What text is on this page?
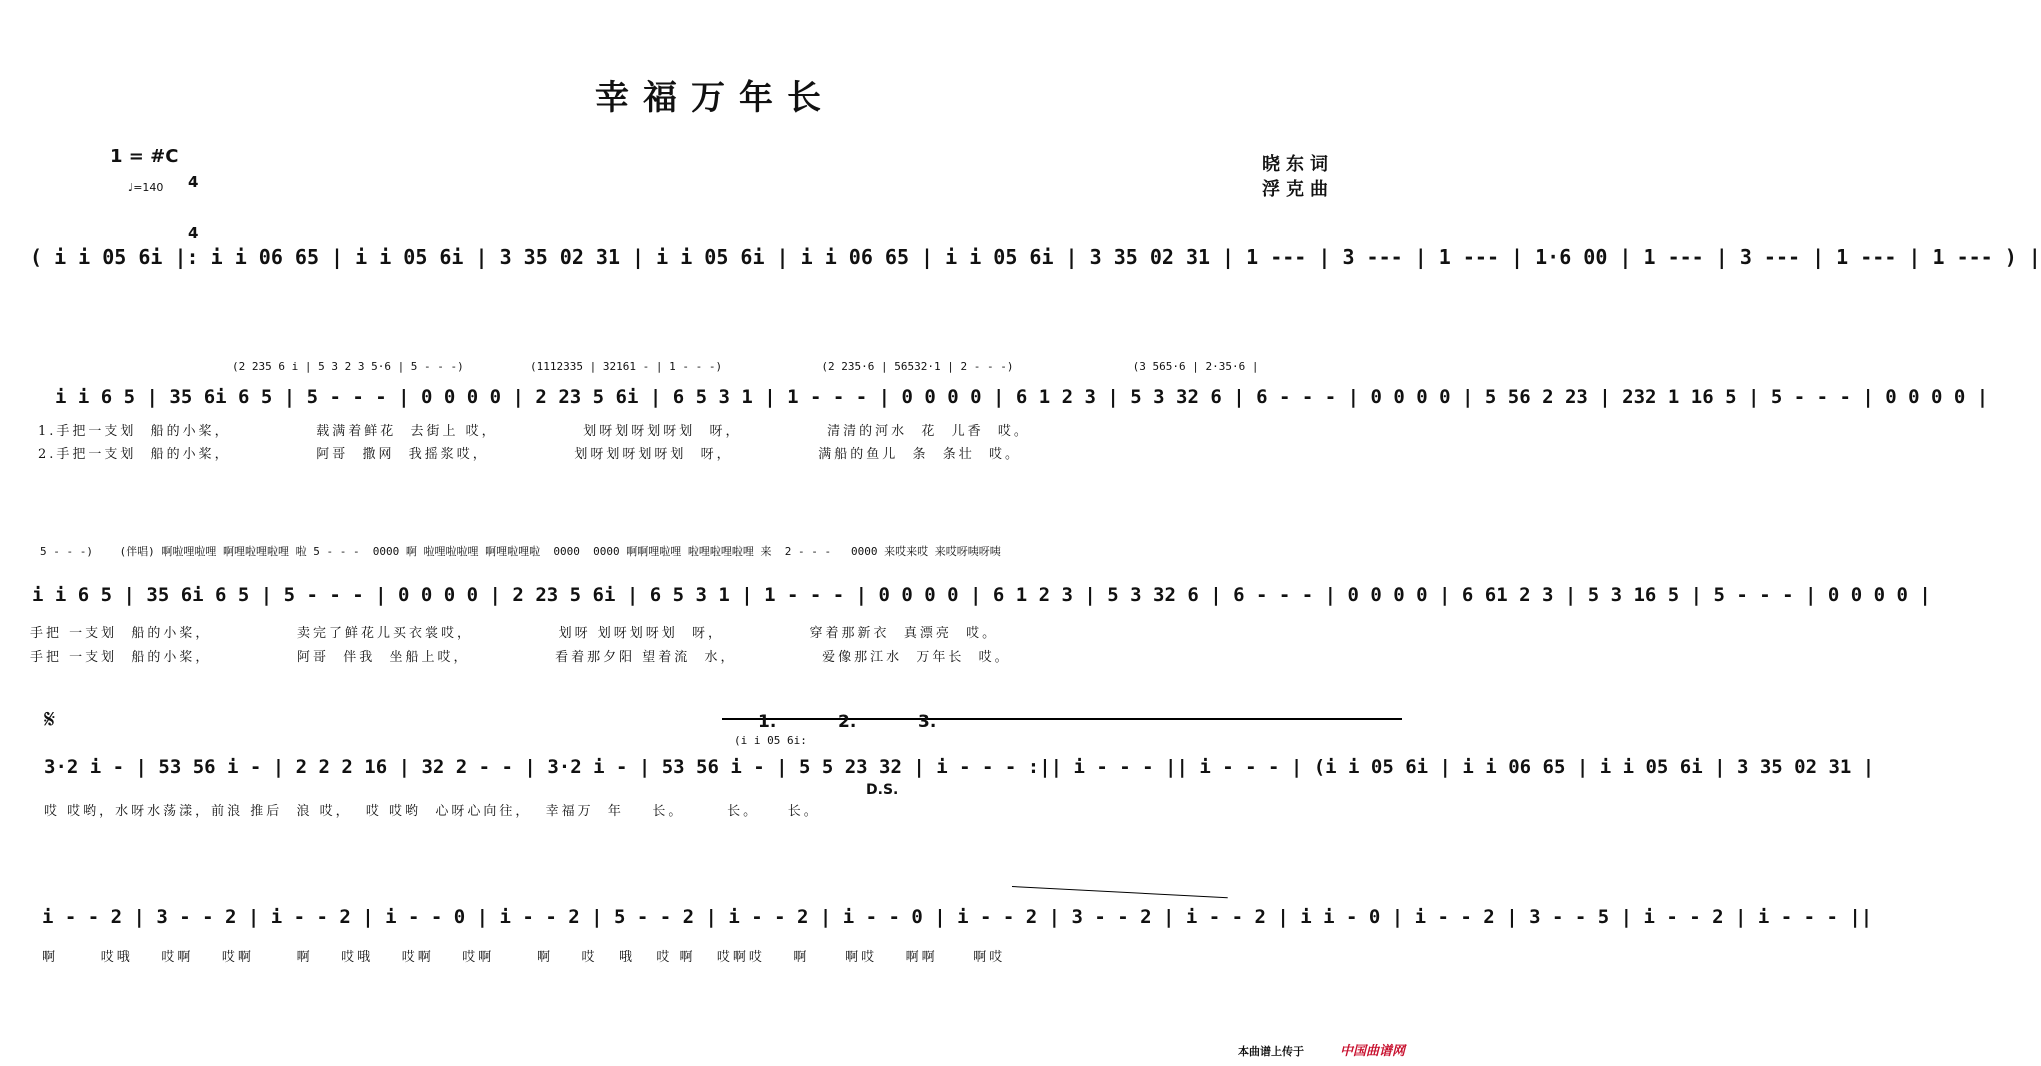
幸福万年长
1 = #C

4

4

♩=140
晓东词
浮克曲
( i i 05 6i |: i i 06 65 | i i 05 6i | 3 35 02 31 | i i 05 6i | i i 06 65 | i i 05 6i | 3 35 02 31 | 1 --- | 3 --- | 1 --- | 1·6 00 | 1 --- | 3 --- | 1 --- | 1 --- ) |
(2 235 6 i | 5 3 2 3 5·6 | 5 - - -)          (1112335 | 32161 - | 1 - - -)               (2 235·6 | 56532·1 | 2 - - -)                  (3 565·6 | 2·35·6 |
i i 6 5 | 35 6i 6 5 | 5 - - - | 0 0 0 0 | 2 23 5 6i | 6 5 3 1 | 1 - - - | 0 0 0 0 | 6 1 2 3 | 5 3 32 6 | 6 - - - | 0 0 0 0 | 5 56 2 23 | 232 1 16 5 | 5 - - - | 0 0 0 0 |
1.手把一支划  船的小桨，            载满着鲜花  去街上 哎，            划呀划呀划呀划  呀，            清清的河水  花  儿香  哎。
2.手把一支划  船的小桨，            阿哥  撒网  我摇浆哎，            划呀划呀划呀划  呀，            满船的鱼儿  条  条壮  哎。
5 - - -)    (伴唱) 啊啦哩啦哩 啊哩啦哩啦哩 啦 5 - - -  0000 啊 啦哩啦啦哩 啊哩啦哩啦  0000  0000 啊啊哩啦哩 啦哩啦哩啦哩 来  2 - - -   0000 来哎来哎 来哎呀咦呀咦
i i 6 5 | 35 6i 6 5 | 5 - - - | 0 0 0 0 | 2 23 5 6i | 6 5 3 1 | 1 - - - | 0 0 0 0 | 6 1 2 3 | 5 3 32 6 | 6 - - - | 0 0 0 0 | 6 61 2 3 | 5 3 16 5 | 5 - - - | 0 0 0 0 |
手把 一支划  船的小桨，            卖完了鲜花儿买衣裳哎，            划呀 划呀划呀划  呀，            穿着那新衣  真漂亮  哎。
手把 一支划  船的小桨，            阿哥  伴我  坐船上哎，            看着那夕阳 望着流  水，            爱像那江水  万年长  哎。
𝄋	1.	2.	3.
(i i 05 6i:
3·2 i - | 53 56 i - | 2 2 2 16 | 32 2 - - | 3·2 i - | 53 56 i - | 5 5 23 32 | i - - - :|| i - - - || i - - - | (i i 05 6i | i i 06 65 | i i 05 6i | 3 35 02 31 |
D.S.
哎 哎哟，水呀水荡漾，前浪 推后  浪 哎，  哎 哎哟  心呀心向往，  幸福万  年    长。      长。    长。
i - - 2 | 3 - - 2 | i - - 2 | i - - 0 | i - - 2 | 5 - - 2 | i - - 2 | i - - 0 | i - - 2 | 3 - - 2 | i - - 2 | i i - 0 | i - - 2 | 3 - - 5 | i - - 2 | i - - - ||
啊      哎哦    哎啊    哎啊      啊    哎哦    哎啊    哎啊      啊    哎   哦   哎 啊   哎啊哎    啊     啊哎    啊啊     啊哎
本曲谱上传于	中国曲谱网
